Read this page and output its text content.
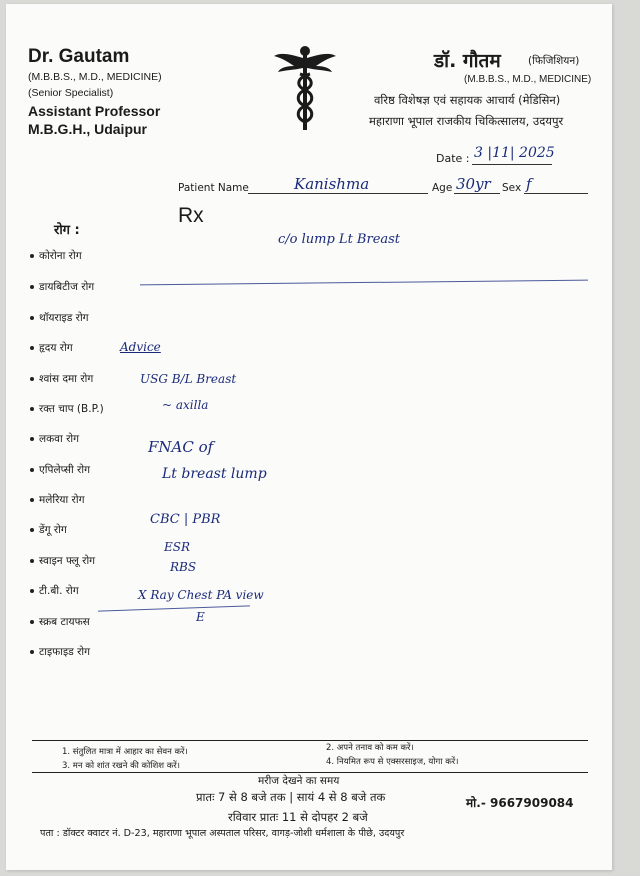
Dr. Gautam
(M.B.B.S., M.D., MEDICINE)
(Senior Specialist)
Assistant Professor
M.B.G.H., Udaipur
डॉ. गौतम	(फिजिशियन)
(M.B.B.S., M.D., MEDICINE)
वरिष्ठ विशेषज्ञ एवं सहायक आचार्य (मेडिसिन)
महाराणा भूपाल राजकीय चिकित्सालय, उदयपुर
Date : 3 |11| 2025
Patient Name	Kanishma	Age 30yr Sex f
Rx
रोग :
कोरोना रोग
डायबिटीज रोग
थॉयराइड रोग
हृदय रोग
श्वांस दमा रोग
रक्त चाप (B.P.)
लकवा रोग
एपिलेप्सी रोग
मलेरिया रोग
डेंगू रोग
स्वाइन फ्लू रोग
टी.बी. रोग
स्क्रब टायफस
टाइफाइड रोग
c/o lump Lt Breast
Advice
USG B/L Breast
~ axilla
FNAC of
Lt breast lump
CBC | PBR
ESR
RBS
X Ray Chest PA view
E
1. संतुलित मात्रा में आहार का सेवन करें।	2. अपने तनाव को कम करें।
3. मन को शांत रखने की कोशिश करें।	4. नियमित रूप से एक्सरसाइज, योगा करें।
मरीज देखने का समय
प्रातः 7 से 8 बजे तक | सायं 4 से 8 बजे तक
रविवार प्रातः 11 से दोपहर 2 बजे
मो.- 9667909084
पता : डॉक्टर क्वाटर नं. D-23, महाराणा भूपाल अस्पताल परिसर, वागड़-जोशी धर्मशाला के पीछे, उदयपुर
